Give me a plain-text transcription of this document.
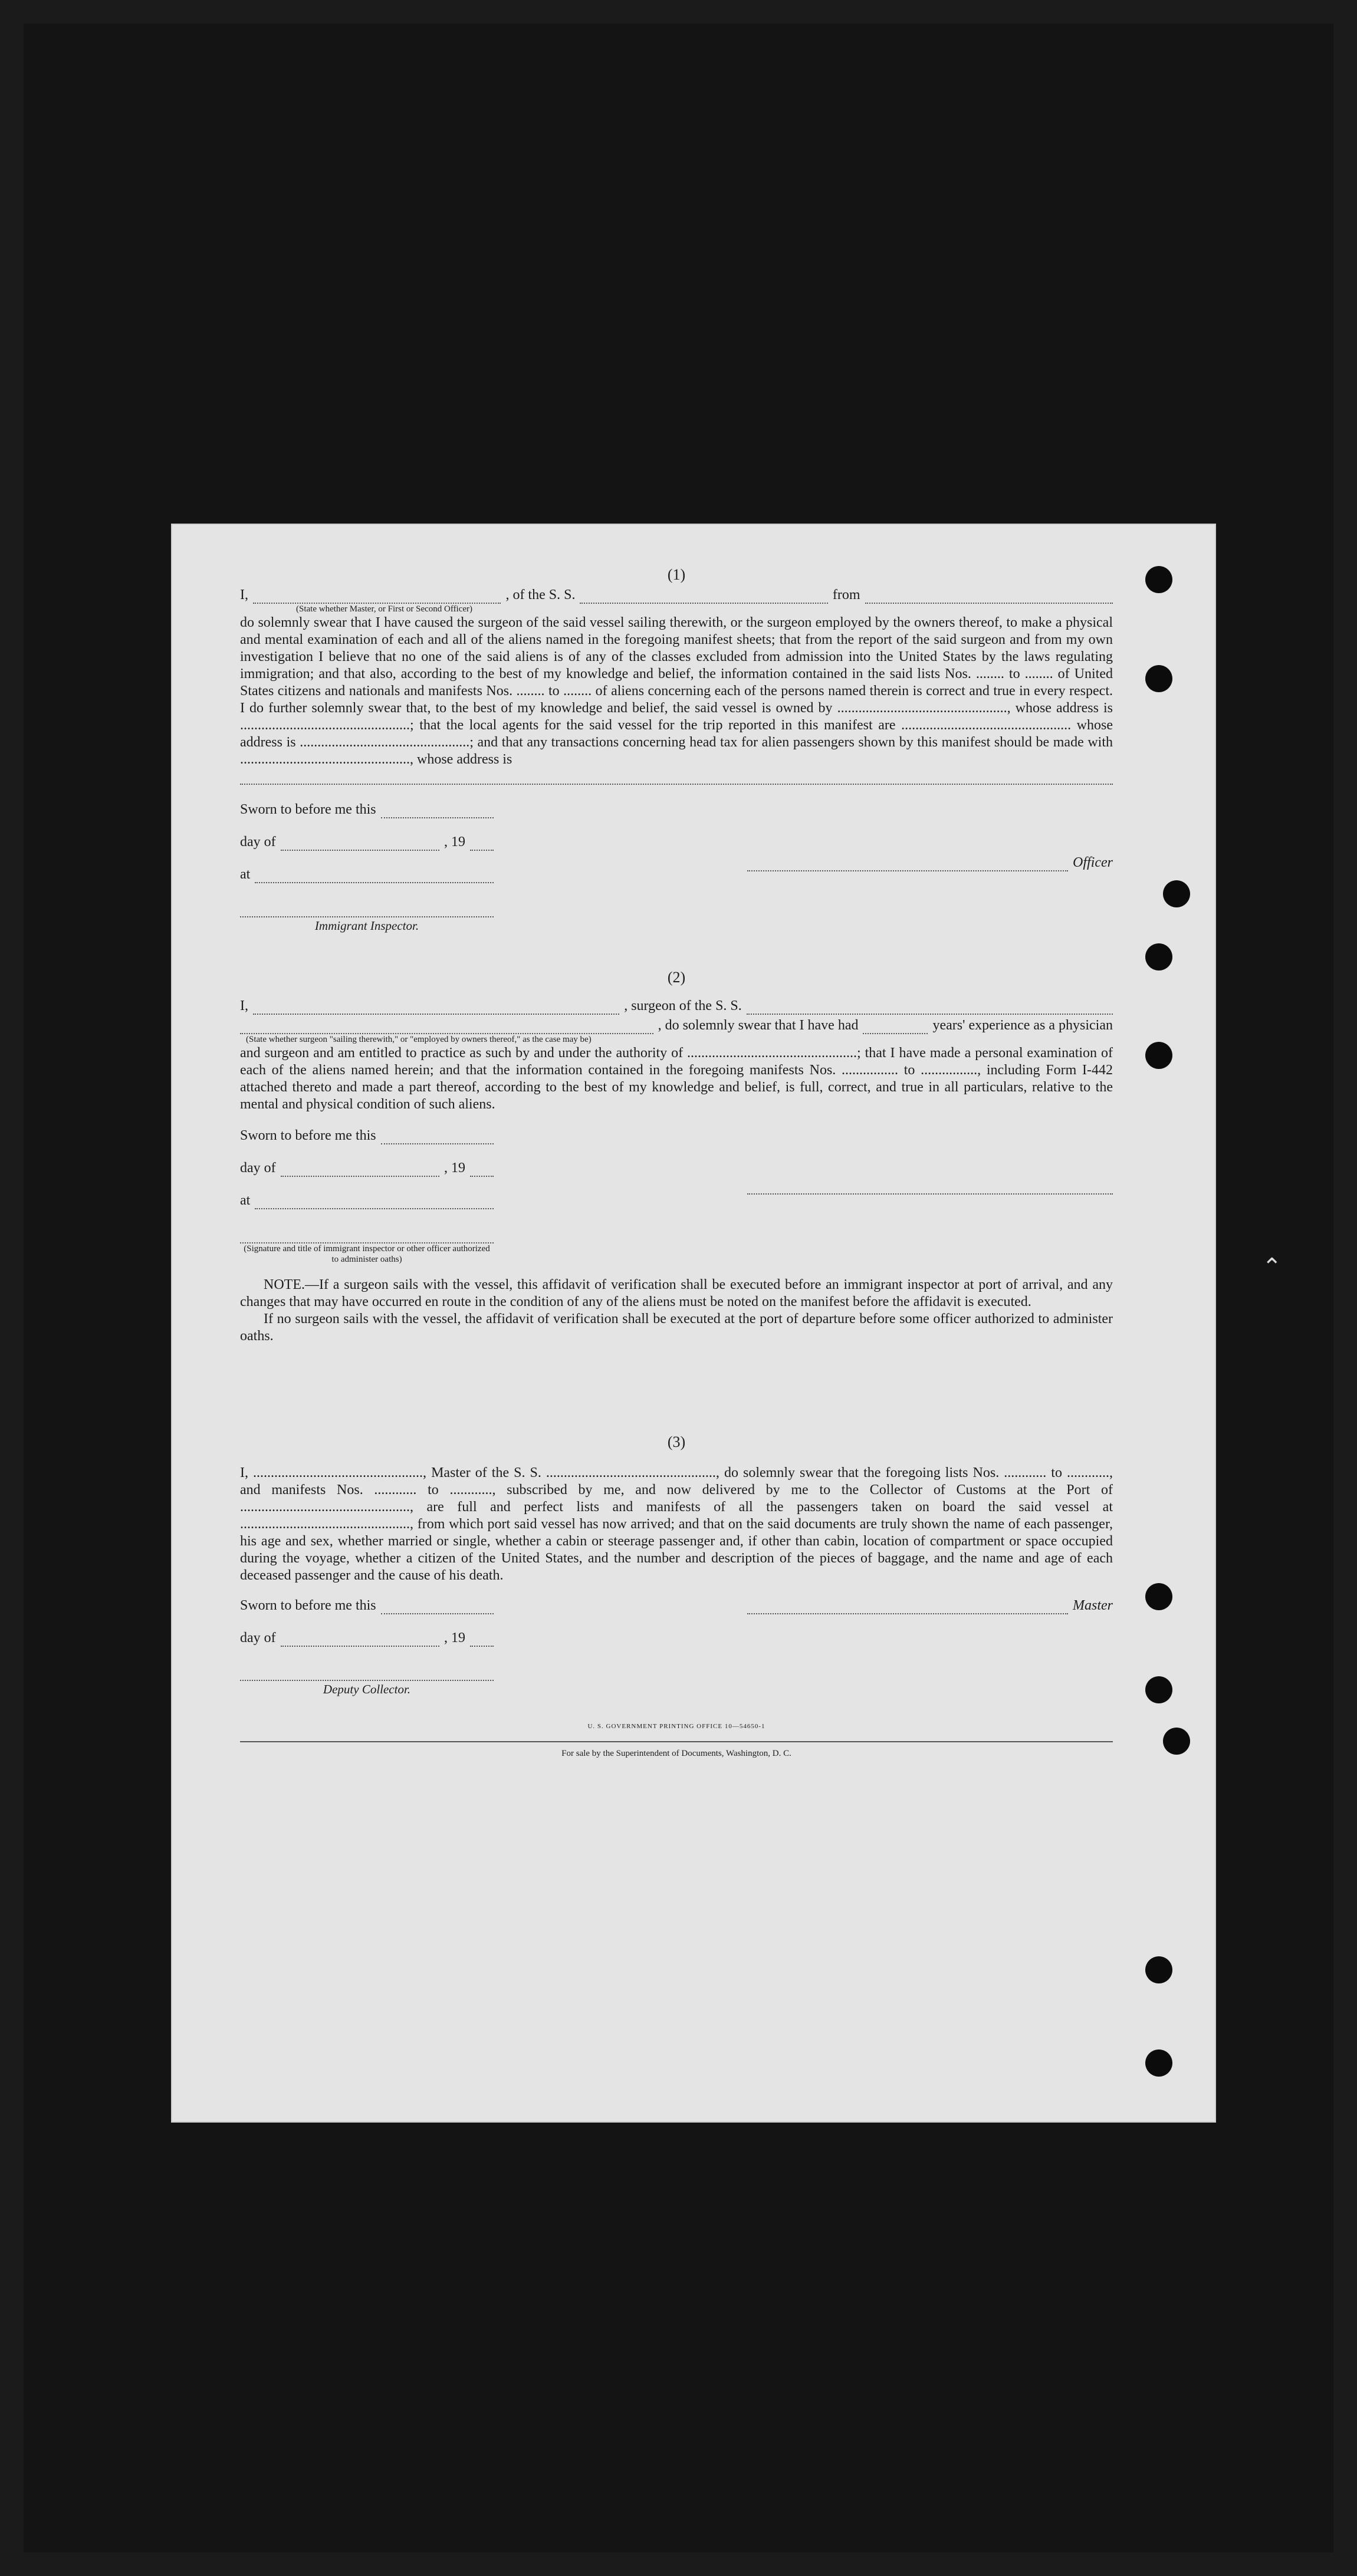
(1)
I,	, of the S. S.	from
(State whether Master, or First or Second Officer)

do solemnly swear that I have caused the surgeon of the said vessel sailing therewith, or the surgeon employed by the owners thereof, to make a physical and mental examination of each and all of the aliens named in the foregoing manifest sheets; that from the report of the said surgeon and from my own investigation I believe that no one of the said aliens is of any of the classes excluded from admission into the United States by the laws regulating immigration; and that also, according to the best of my knowledge and belief, the information contained in the said lists Nos. ........ to ........ of United States citizens and nationals and manifests Nos. ........ to ........ of aliens concerning each of the persons named therein is correct and true in every respect. I do further solemnly swear that, to the best of my knowledge and belief, the said vessel is owned by ................................................, whose address is ................................................; that the local agents for the said vessel for the trip reported in this manifest are ................................................ whose address is ................................................; and that any transactions concerning head tax for alien passengers shown by this manifest should be made with ................................................, whose address is

Sworn to before me this
day of	, 19
at
Immigrant Inspector.
Officer
(2)
I,	, surgeon of the S. S.
, do solemnly swear that I have had	years' experience as a physician
(State whether surgeon "sailing therewith," or "employed by owners thereof," as the case may be)

and surgeon and am entitled to practice as such by and under the authority of ................................................; that I have made a personal examination of each of the aliens named herein; and that the information contained in the foregoing manifests Nos. ................ to ................, including Form I-442 attached thereto and made a part thereof, according to the best of my knowledge and belief, is full, correct, and true in all particulars, relative to the mental and physical condition of such aliens.

Sworn to before me this
day of	, 19
at
(Signature and title of immigrant inspector or other officer authorized to administer oaths)

NOTE.—If a surgeon sails with the vessel, this affidavit of verification shall be executed before an immigrant inspector at port of arrival, and any changes that may have occurred en route in the condition of any of the aliens must be noted on the manifest before the affidavit is executed.

If no surgeon sails with the vessel, the affidavit of verification shall be executed at the port of departure before some officer authorized to administer oaths.

(3)

I, ................................................, Master of the S. S. ................................................, do solemnly swear that the foregoing lists Nos. ............ to ............, and manifests Nos. ............ to ............, subscribed by me, and now delivered by me to the Collector of Customs at the Port of ................................................, are full and perfect lists and manifests of all the passengers taken on board the said vessel at ................................................, from which port said vessel has now arrived; and that on the said documents are truly shown the name of each passenger, his age and sex, whether married or single, whether a cabin or steerage passenger and, if other than cabin, location of compartment or space occupied during the voyage, whether a citizen of the United States, and the number and description of the pieces of baggage, and the name and age of each deceased passenger and the cause of his death.

Sworn to before me this
day of	, 19
Deputy Collector.
Master
U. S. GOVERNMENT PRINTING OFFICE 10—54650-1
For sale by the Superintendent of Documents, Washington, D. C.
⌃
